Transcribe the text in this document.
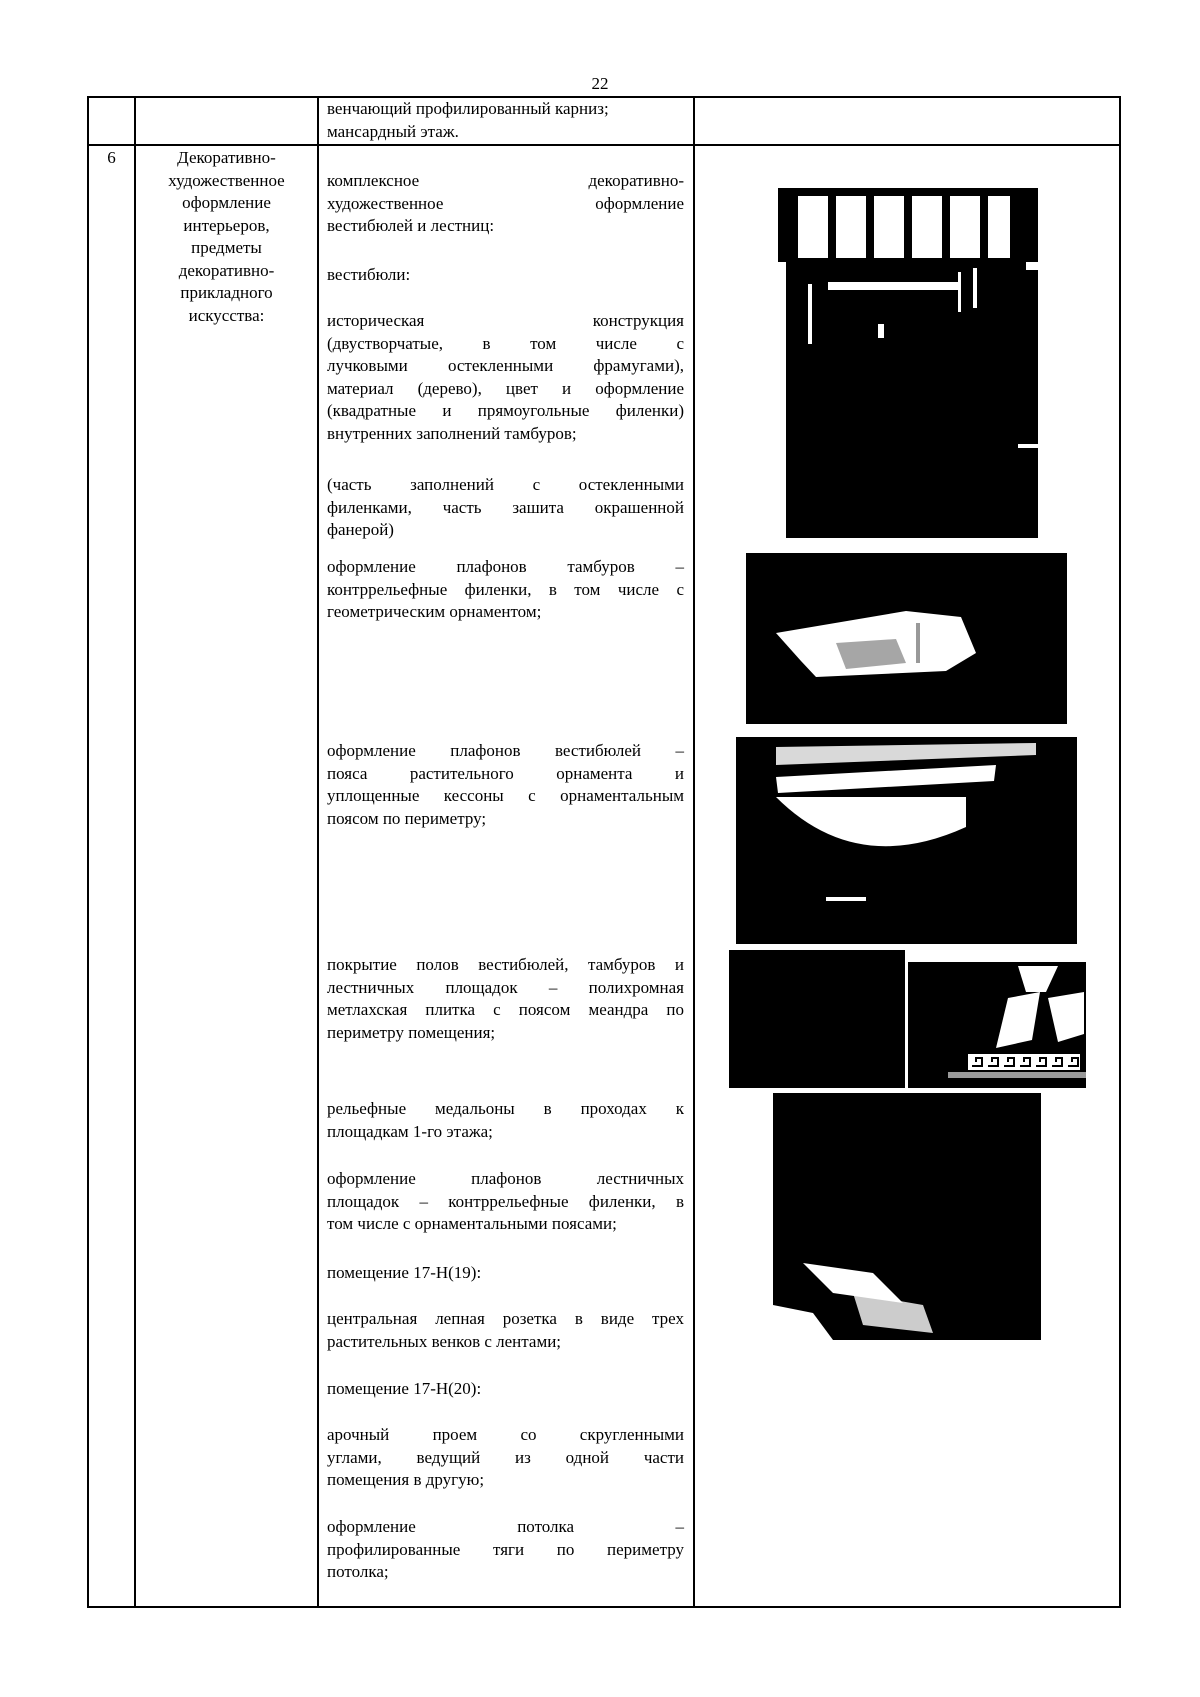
22
венчающий профилированный карниз;
мансардный этаж.
6	Декоративно-
художественное
оформление
интерьеров,
предметы
декоративно-
прикладного
искусства:
комплексное декоративно-
художественное оформление
вестибюлей и лестниц:
вестибюли:
историческая конструкция
(двустворчатые, в том числе с
лучковыми остекленными фрамугами),
материал (дерево), цвет и оформление
(квадратные и прямоугольные филенки)
внутренних заполнений тамбуров;
(часть заполнений с остекленными
филенками, часть зашита окрашенной
фанерой)
оформление плафонов тамбуров –
контррельефные филенки, в том числе с
геометрическим орнаментом;
оформление плафонов вестибюлей –
пояса растительного орнамента и
уплощенные кессоны с орнаментальным
поясом по периметру;
покрытие полов вестибюлей, тамбуров и
лестничных площадок – полихромная
метлахская плитка с поясом меандра по
периметру помещения;
рельефные медальоны в проходах к
площадкам 1-го этажа;
оформление плафонов лестничных
площадок – контррельефные филенки, в
том числе с орнаментальными поясами;
помещение 17-Н(19):
центральная лепная розетка в виде трех
растительных венков с лентами;
помещение 17-Н(20):
арочный проем со скругленными
углами, ведущий из одной части
помещения в другую;
оформление потолка –
профилированные тяги по периметру
потолка;
